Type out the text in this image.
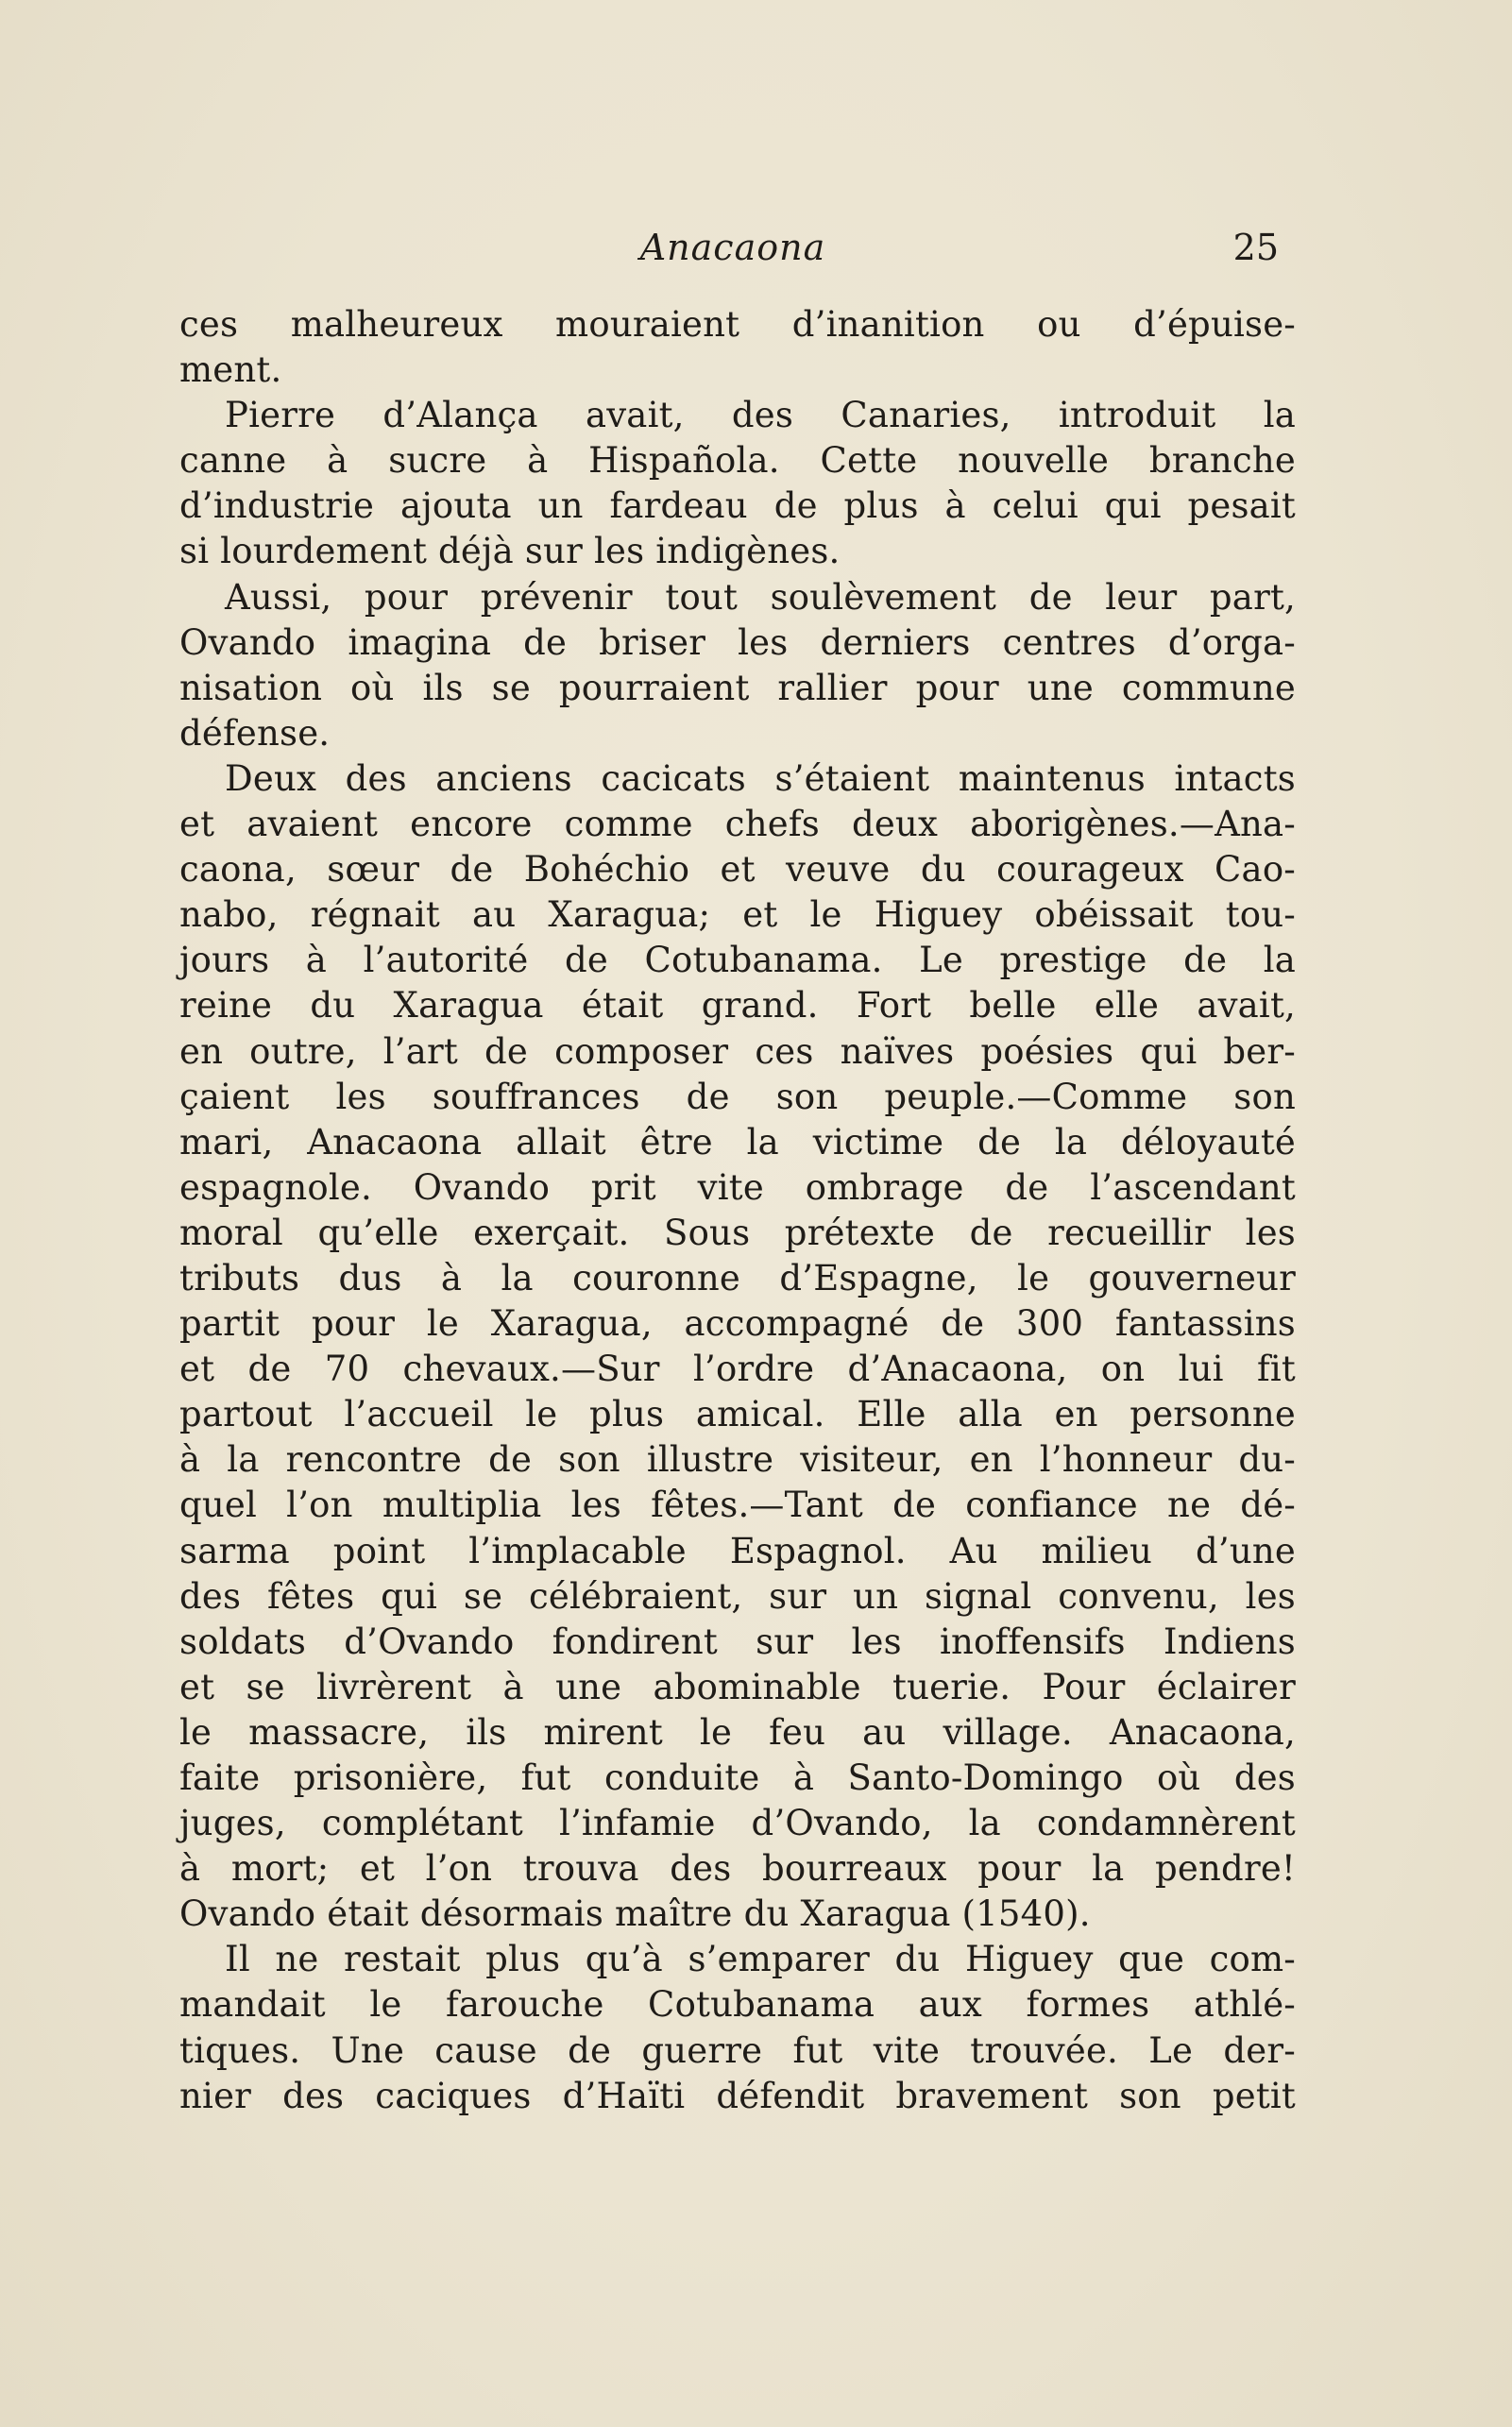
Anacaona	25
ces malheureux mouraient d’inanition ou d’épuise-
ment.
Pierre d’Alança avait, des Canaries, introduit la
canne à sucre à Hispañola. Cette nouvelle branche
d’industrie ajouta un fardeau de plus à celui qui pesait
si lourdement déjà sur les indigènes.
Aussi, pour prévenir tout soulèvement de leur part,
Ovando imagina de briser les derniers centres d’orga-
nisation où ils se pourraient rallier pour une commune
défense.
Deux des anciens cacicats s’étaient maintenus intacts
et avaient encore comme chefs deux aborigènes.—Ana-
caona, sœur de Bohéchio et veuve du courageux Cao-
nabo, régnait au Xaragua; et le Higuey obéissait tou-
jours à l’autorité de Cotubanama. Le prestige de la
reine du Xaragua était grand. Fort belle elle avait,
en outre, l’art de composer ces naïves poésies qui ber-
çaient les souffrances de son peuple.—Comme son
mari, Anacaona allait être la victime de la déloyauté
espagnole. Ovando prit vite ombrage de l’ascendant
moral qu’elle exerçait. Sous prétexte de recueillir les
tributs dus à la couronne d’Espagne, le gouverneur
partit pour le Xaragua, accompagné de 300 fantassins
et de 70 chevaux.—Sur l’ordre d’Anacaona, on lui fit
partout l’accueil le plus amical. Elle alla en personne
à la rencontre de son illustre visiteur, en l’honneur du-
quel l’on multiplia les fêtes.—Tant de confiance ne dé-
sarma point l’implacable Espagnol. Au milieu d’une
des fêtes qui se célébraient, sur un signal convenu, les
soldats d’Ovando fondirent sur les inoffensifs Indiens
et se livrèrent à une abominable tuerie. Pour éclairer
le massacre, ils mirent le feu au village. Anacaona,
faite prisonière, fut conduite à Santo-Domingo où des
juges, complétant l’infamie d’Ovando, la condamnèrent
à mort; et l’on trouva des bourreaux pour la pendre!
Ovando était désormais maître du Xaragua (1540).
Il ne restait plus qu’à s’emparer du Higuey que com-
mandait le farouche Cotubanama aux formes athlé-
tiques. Une cause de guerre fut vite trouvée. Le der-
nier des caciques d’Haïti défendit bravement son petit
